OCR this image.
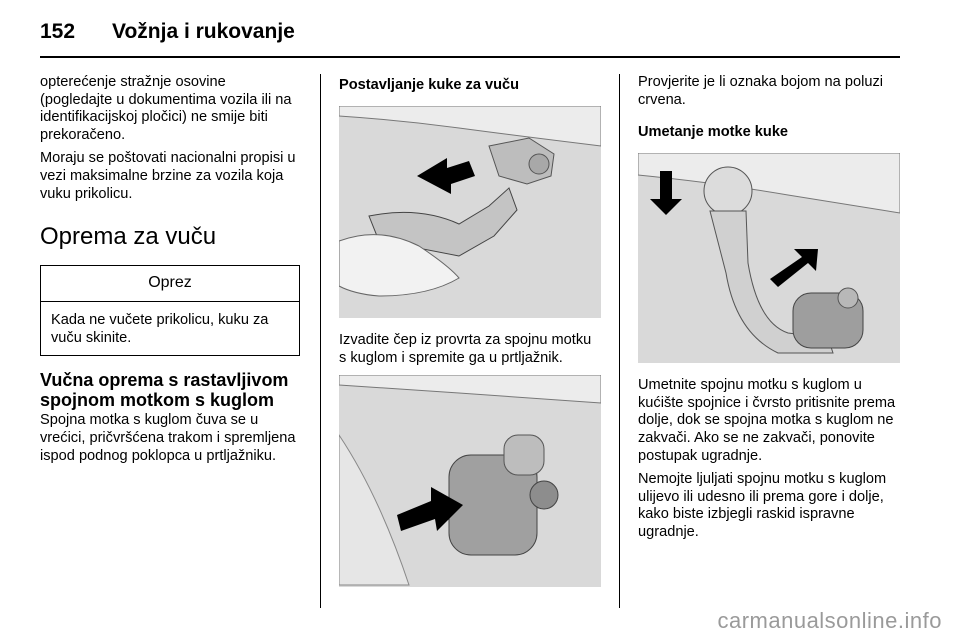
152 Vožnja i rukovanje

opterećenje stražnje osovine (pogledajte u dokumentima vozila ili na identifikacijskoj pločici) ne smije biti prekoračeno.

Moraju se poštovati nacionalni propisi u vezi maksimalne brzine za vozila koja vuku prikolicu.

Oprema za vuču
Oprez

Kada ne vučete prikolicu, kuku za vuču skinite.

Vučna oprema s rastavljivom spojnom motkom s kuglom

Spojna motka s kuglom čuva se u vrećici, pričvršćena trakom i spremljena ispod podnog poklopca u prtljažniku.

Postavljanje kuke za vuču

Izvadite čep iz provrta za spojnu motku s kuglom i spremite ga u prtljažnik.

Provjerite je li oznaka bojom na poluzi crvena.

Umetanje motke kuke

Umetnite spojnu motku s kuglom u kućište spojnice i čvrsto pritisnite prema dolje, dok se spojna motka s kuglom ne zakvači. Ako se ne zakvači, ponovite postupak ugradnje.

Nemojte ljuljati spojnu motku s kuglom ulijevo ili udesno ili prema gore i dolje, kako biste izbjegli raskid ispravne ugradnje.

carmanualsonline.info
